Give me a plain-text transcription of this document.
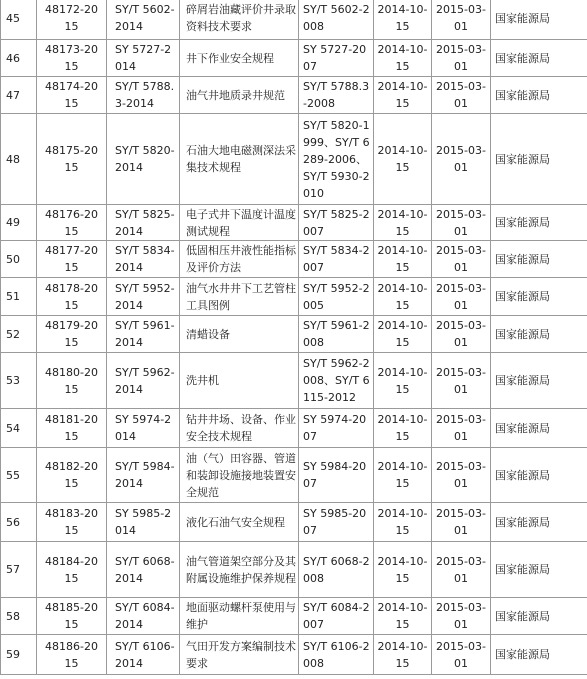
45	48172-2015	SY/T 5602-2014	碎屑岩油藏评价井录取资料技术要求	SY/T 5602-2008	2014-10-15	2015-03-01	国家能源局
46	48173-2015	SY 5727-2014	井下作业安全规程	SY 5727-2007	2014-10-15	2015-03-01	国家能源局
47	48174-2015	SY/T 5788.3-2014	油气井地质录井规范	SY/T 5788.3-2008	2014-10-15	2015-03-01	国家能源局
48	48175-2015	SY/T 5820-2014	石油大地电磁测深法采集技术规程	SY/T 5820-1999、SY/T 6289-2006、SY/T 5930-2010	2014-10-15	2015-03-01	国家能源局
49	48176-2015	SY/T 5825-2014	电子式井下温度计温度测试规程	SY/T 5825-2007	2014-10-15	2015-03-01	国家能源局
50	48177-2015	SY/T 5834-2014	低固相压井液性能指标及评价方法	SY/T 5834-2007	2014-10-15	2015-03-01	国家能源局
51	48178-2015	SY/T 5952-2014	油气水井井下工艺管柱工具图例	SY/T 5952-2005	2014-10-15	2015-03-01	国家能源局
52	48179-2015	SY/T 5961-2014	清蜡设备	SY/T 5961-2008	2014-10-15	2015-03-01	国家能源局
53	48180-2015	SY/T 5962-2014	洗井机	SY/T 5962-2008、SY/T 6115-2012	2014-10-15	2015-03-01	国家能源局
54	48181-2015	SY 5974-2014	钻井井场、设备、作业安全技术规程	SY 5974-2007	2014-10-15	2015-03-01	国家能源局
55	48182-2015	SY/T 5984-2014	油（气）田容器、管道和装卸设施接地装置安全规范	SY 5984-2007	2014-10-15	2015-03-01	国家能源局
56	48183-2015	SY 5985-2014	液化石油气安全规程	SY 5985-2007	2014-10-15	2015-03-01	国家能源局
57	48184-2015	SY/T 6068-2014	油气管道架空部分及其附属设施维护保养规程	SY/T 6068-2008	2014-10-15	2015-03-01	国家能源局
58	48185-2015	SY/T 6084-2014	地面驱动螺杆泵使用与维护	SY/T 6084-2007	2014-10-15	2015-03-01	国家能源局
59	48186-2015	SY/T 6106-2014	气田开发方案编制技术要求	SY/T 6106-2008	2014-10-15	2015-03-01	国家能源局
